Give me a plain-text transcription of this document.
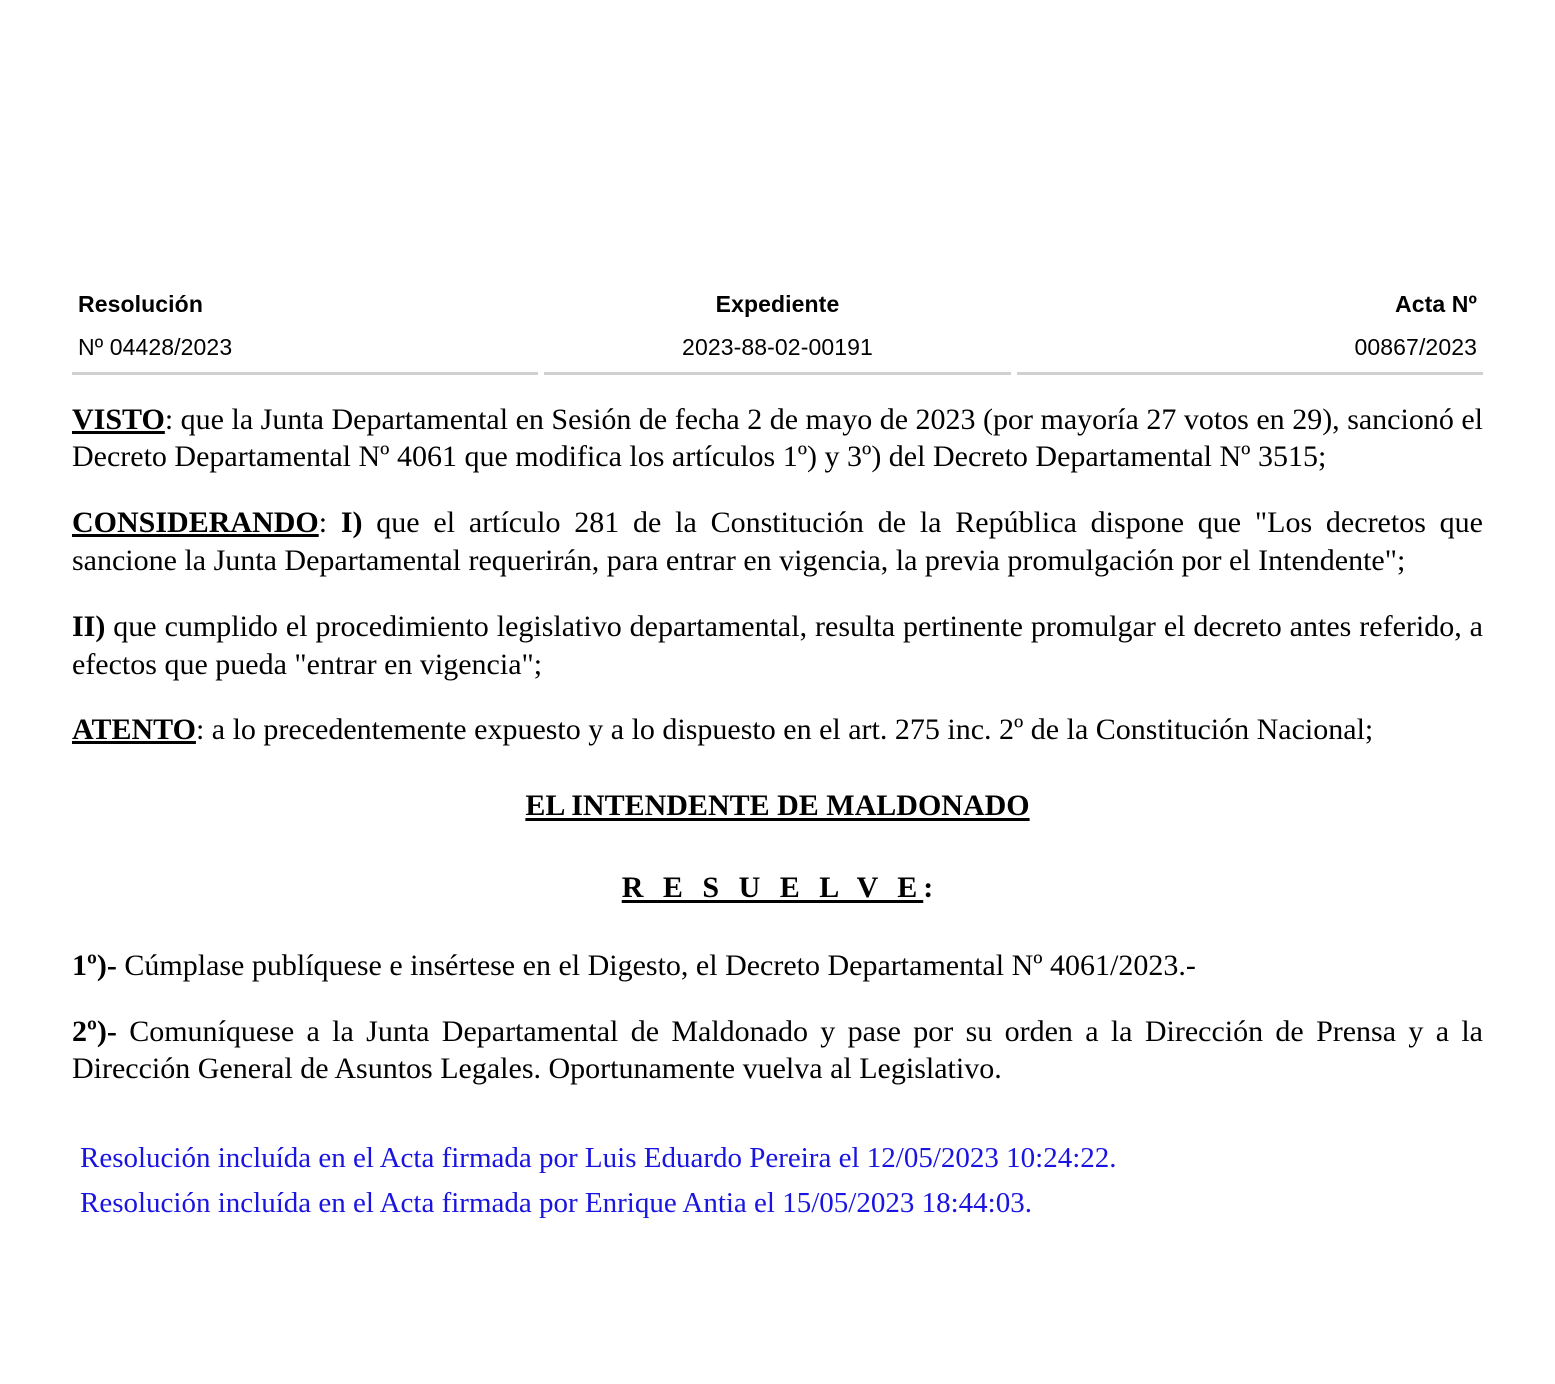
Resolución	Expediente	Acta Nº
Nº 04428/2023	2023-88-02-00191	00867/2023

VISTO: que la Junta Departamental en Sesión de fecha 2 de mayo de 2023 (por mayoría 27 votos en 29), sancionó el Decreto Departamental Nº 4061 que modifica los artículos 1º) y 3º) del Decreto Departamental Nº 3515;

CONSIDERANDO: I) que el artículo 281 de la Constitución de la República dispone que "Los decretos que sancione la Junta Departamental requerirán, para entrar en vigencia, la previa promulgación por el Intendente";

II) que cumplido el procedimiento legislativo departamental, resulta pertinente promulgar el decreto antes referido, a efectos que pueda "entrar en vigencia";

ATENTO: a lo precedentemente expuesto y a lo dispuesto en el art. 275 inc. 2º de la Constitución Nacional;

EL INTENDENTE DE MALDONADO

R E S U E L V E:

1º)- Cúmplase publíquese e insértese en el Digesto, el Decreto Departamental Nº 4061/2023.-

2º)- Comuníquese a la Junta Departamental de Maldonado y pase por su orden a la Dirección de Prensa y a la Dirección General de Asuntos Legales. Oportunamente vuelva al Legislativo.

Resolución incluída en el Acta firmada por Luis Eduardo Pereira el 12/05/2023 10:24:22.

Resolución incluída en el Acta firmada por Enrique Antia el 15/05/2023 18:44:03.
